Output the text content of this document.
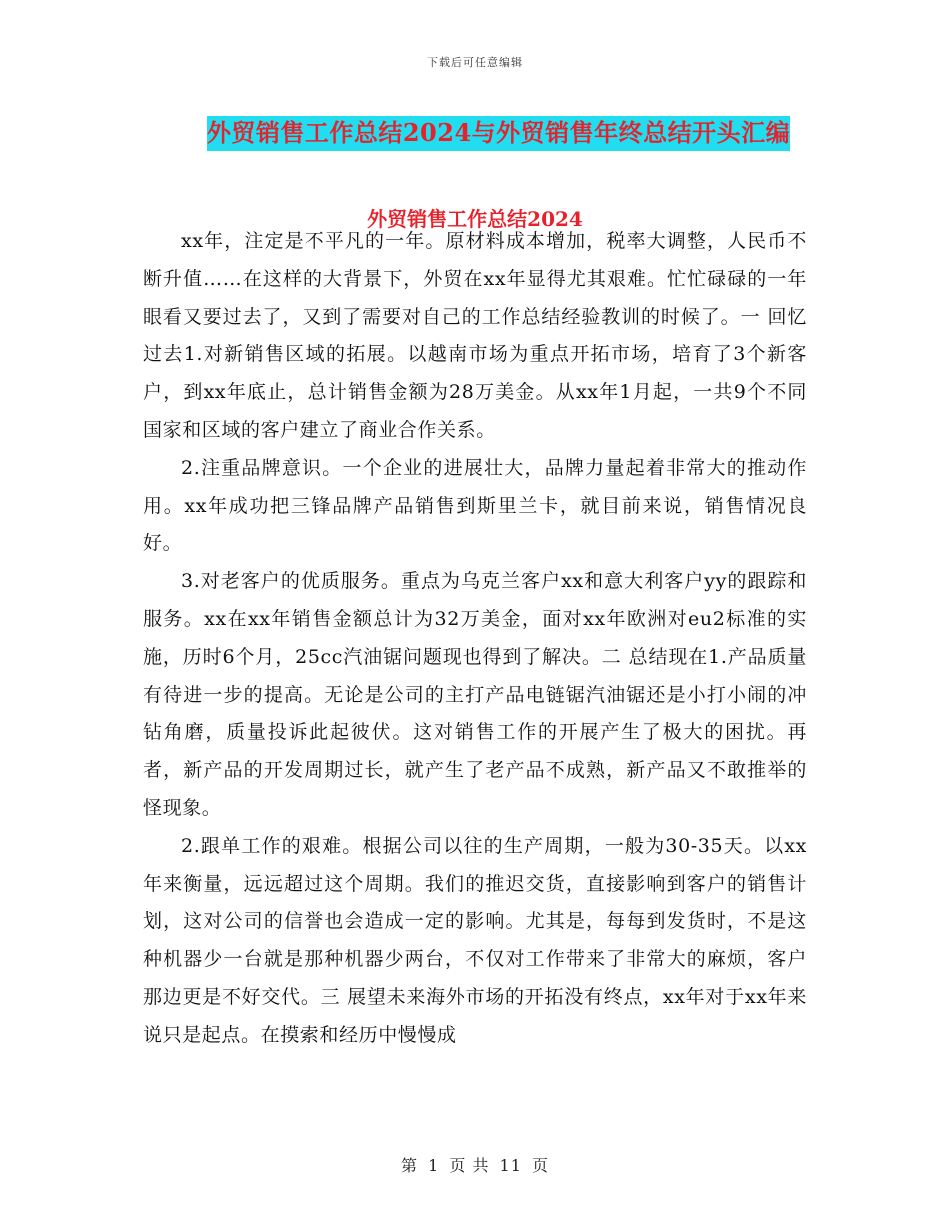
下载后可任意编辑
外贸销售工作总结2024与外贸销售年终总结开头汇编
外贸销售工作总结2024

xx年，注定是不平凡的一年。原材料成本增加，税率大调整，人民币不断升值……在这样的大背景下，外贸在xx年显得尤其艰难。忙忙碌碌的一年眼看又要过去了，又到了需要对自己的工作总结经验教训的时候了。一 回忆过去1.对新销售区域的拓展。以越南市场为重点开拓市场，培育了3个新客户，到xx年底止，总计销售金额为28万美金。从xx年1月起，一共9个不同国家和区域的客户建立了商业合作关系。

2.注重品牌意识。一个企业的进展壮大，品牌力量起着非常大的推动作用。xx年成功把三锋品牌产品销售到斯里兰卡，就目前来说，销售情况良好。

3.对老客户的优质服务。重点为乌克兰客户xx和意大利客户yy的跟踪和服务。xx在xx年销售金额总计为32万美金，面对xx年欧洲对eu2标准的实施，历时6个月，25cc汽油锯问题现也得到了解决。二 总结现在1.产品质量有待进一步的提高。无论是公司的主打产品电链锯汽油锯还是小打小闹的冲钻角磨，质量投诉此起彼伏。这对销售工作的开展产生了极大的困扰。再者，新产品的开发周期过长，就产生了老产品不成熟，新产品又不敢推举的怪现象。

2.跟单工作的艰难。根据公司以往的生产周期，一般为30-35天。以xx年来衡量，远远超过这个周期。我们的推迟交货，直接影响到客户的销售计划，这对公司的信誉也会造成一定的影响。尤其是，每每到发货时，不是这种机器少一台就是那种机器少两台，不仅对工作带来了非常大的麻烦，客户那边更是不好交代。三 展望未来海外市场的开拓没有终点，xx年对于xx年来说只是起点。在摸索和经历中慢慢成

第 1 页 共 11 页
